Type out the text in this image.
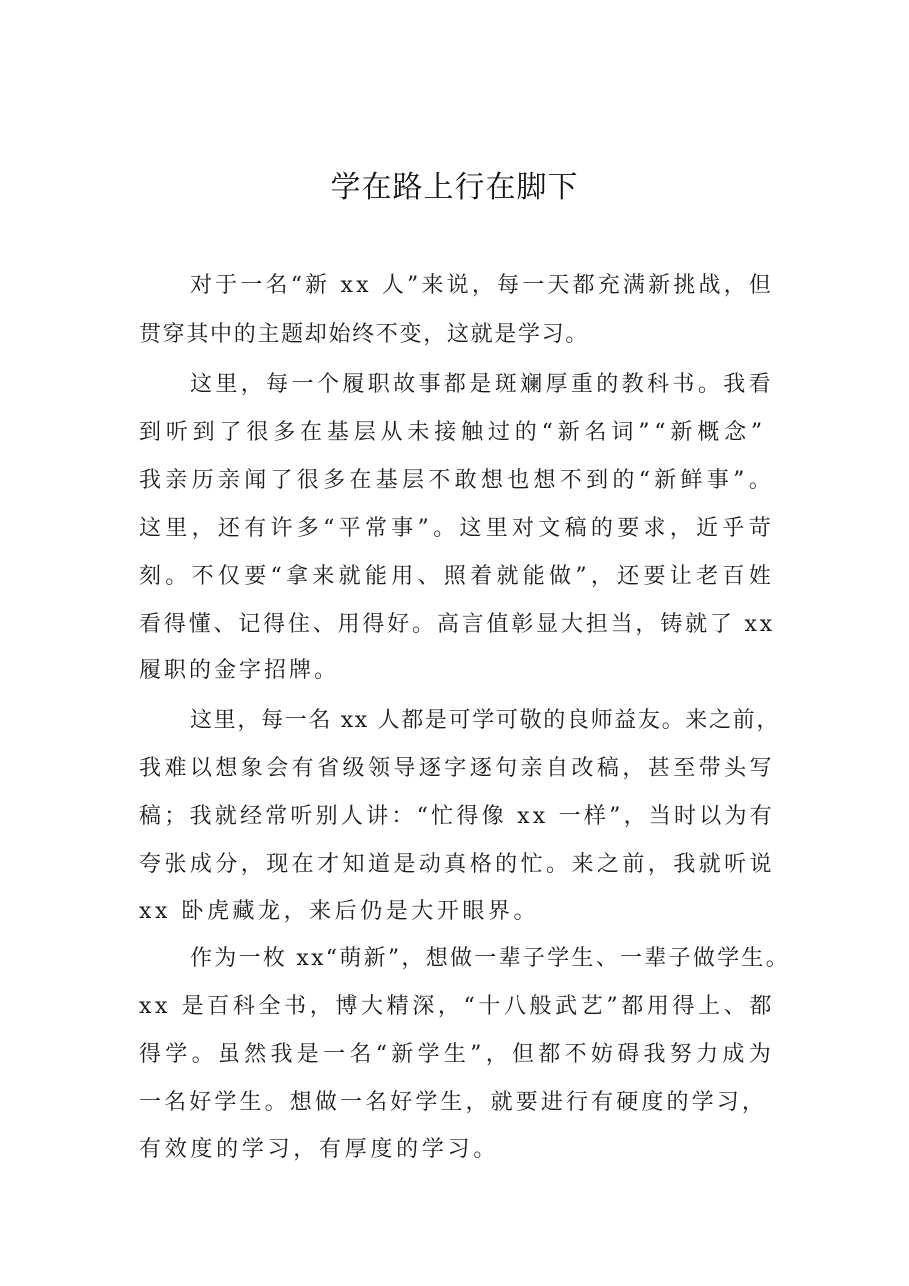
学在路上行在脚下
对于一名“新 xx 人”来说，每一天都充满新挑战，但
贯穿其中的主题却始终不变，这就是学习。
这里，每一个履职故事都是斑斓厚重的教科书。我看
到听到了很多在基层从未接触过的“新名词”“新概念”
我亲历亲闻了很多在基层不敢想也想不到的“新鲜事”。
这里，还有许多“平常事”。这里对文稿的要求，近乎苛
刻。不仅要“拿来就能用、照着就能做”，还要让老百姓
看得懂、记得住、用得好。高言值彰显大担当，铸就了 xx
履职的金字招牌。
这里，每一名 xx 人都是可学可敬的良师益友。来之前，
我难以想象会有省级领导逐字逐句亲自改稿，甚至带头写
稿；我就经常听别人讲：“忙得像 xx 一样”，当时以为有
夸张成分，现在才知道是动真格的忙。来之前，我就听说
xx 卧虎藏龙，来后仍是大开眼界。
作为一枚 xx“萌新”，想做一辈子学生、一辈子做学生。
xx 是百科全书，博大精深，“十八般武艺”都用得上、都
得学。虽然我是一名“新学生”，但都不妨碍我努力成为
一名好学生。想做一名好学生，就要进行有硬度的学习，
有效度的学习，有厚度的学习。
